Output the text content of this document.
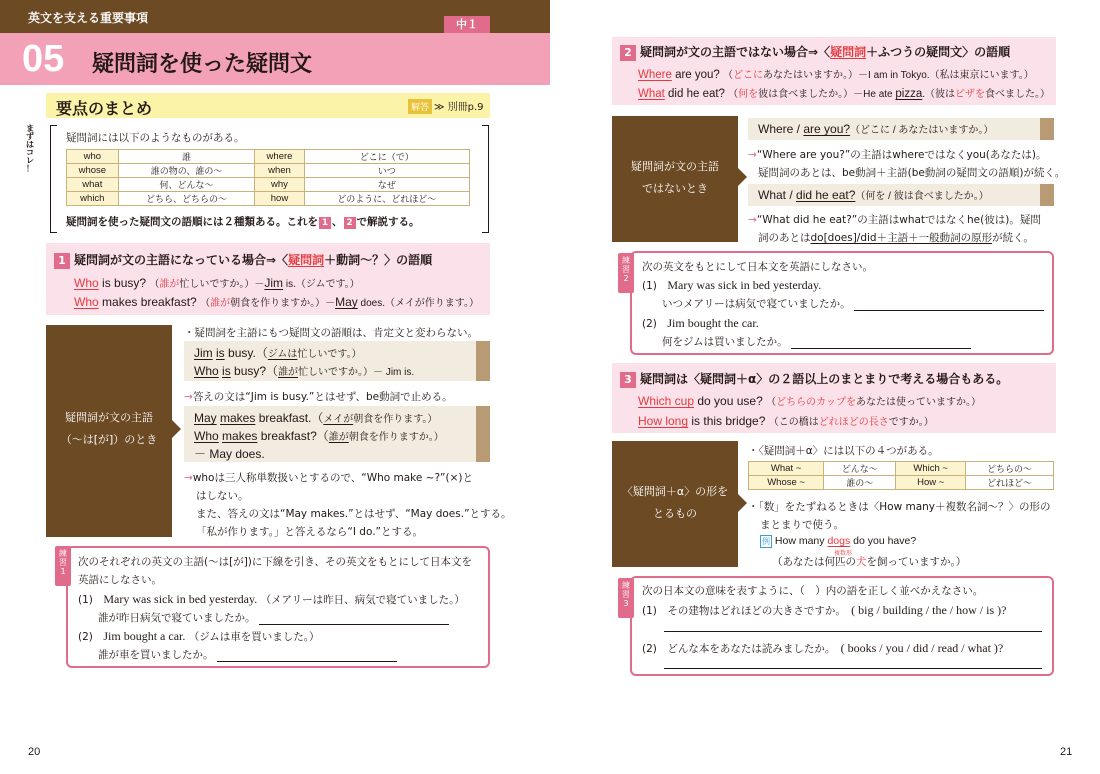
英文を支える重要事項	中１
05 疑問詞を使った疑問文
要点のまとめ	解答 ≫ 別冊p.9
ま
ず
は
コ
レ
！
疑問詞には以下のようなものがある。
who	誰	where	どこに（で）
whose	誰の物の、誰の～	when	いつ
what	何、どんな～	why	なぜ
which	どちら、どちらの～	how	どのように、どれほど～
疑問詞を使った疑問文の語順には２種類ある。これを 1 、 2 で解説する。
1 疑問詞が文の主語になっている場合⇒〈疑問詞＋動詞～？〉の語順
Who is busy? （誰が忙しいですか。）－Jim is.（ジムです。）
Who makes breakfast? （誰が朝食を作りますか。）－May does.（メイが作ります。）
疑問詞が文の主語
（～は[が]）のとき
・疑問詞を主語にもつ疑問文の語順は、肯定文と変わらない。
Jim is busy.（ジムは忙しいです。）
Who is busy?（誰が忙しいですか。）－ Jim is.
→答えの文は“Jim is busy.”とはせず、be動詞で止める。
May makes breakfast.（メイが朝食を作ります。）
Who makes breakfast?（誰が朝食を作りますか。）
－ May does.
→whoは三人称単数扱いとするので、“Who make ~?”(×)と
はしない。
また、答えの文は“May makes.”とはせず、“May does.”とする。
「私が作ります。」と答えるなら“I do.”とする。
練
習
1
次のそれぞれの英文の主語(～は[が])に下線を引き、その英文をもとにして日本文を
英語にしなさい。
(1)　 Mary was sick in bed yesterday. （メアリーは昨日、病気で寝ていました。）
誰が昨日病気で寝ていましたか。
(2)　 Jim bought a car. （ジムは車を買いました。）
誰が車を買いましたか。
20
2 疑問詞が文の主語ではない場合⇒〈疑問詞＋ふつうの疑問文〉の語順
Where are you? （どこにあなたはいますか。）－I am in Tokyo.（私は東京にいます。）
What did he eat? （何を彼は食べましたか。）－He ate pizza.（彼はピザを食べました。）
疑問詞が文の主語
ではないとき
Where / are you?（どこに / あなたはいますか。）
→“Where are you?”の主語はwhereではなくyou(あなたは)。
疑問詞のあとは、be動詞＋主語(be動詞の疑問文の語順)が続く。
What / did he eat?（何を / 彼は食べましたか。）
→“What did he eat?”の主語はwhatではなくhe(彼は)。疑問
詞のあとはdo[does]/did＋主語＋一般動詞の原形が続く。
練
習
2
次の英文をもとにして日本文を英語にしなさい。
(1)　 Mary was sick in bed yesterday.
いつメアリーは病気で寝ていましたか。
(2)　 Jim bought the car.
何をジムは買いましたか。
3 疑問詞は〈疑問詞＋α〉の２語以上のまとまりで考える場合もある。
Which cup do you use? （どちらのカップをあなたは使っていますか。）
How long is this bridge? （この橋はどれほどの長さですか。）
〈疑問詞＋α〉の形を
とるもの
・〈疑問詞＋α〉には以下の４つがある。
What ~	どんな～	Which ~	どちらの～
Whose ~	誰の～	How ~	どれほど～
・「数」をたずねるときは〈How many＋複数名詞～？〉の形の
まとまりで使う。
例 How many dogs do you have?
複数形
（あなたは何匹の犬を飼っていますか。）
練
習
3
次の日本文の意味を表すように、（　）内の語を正しく並べかえなさい。
(1)　 その建物はどれほどの大きさですか。　 ( big / building / the / how / is )?
(2)　 どんな本をあなたは読みましたか。　 ( books / you / did / read / what )?
21
